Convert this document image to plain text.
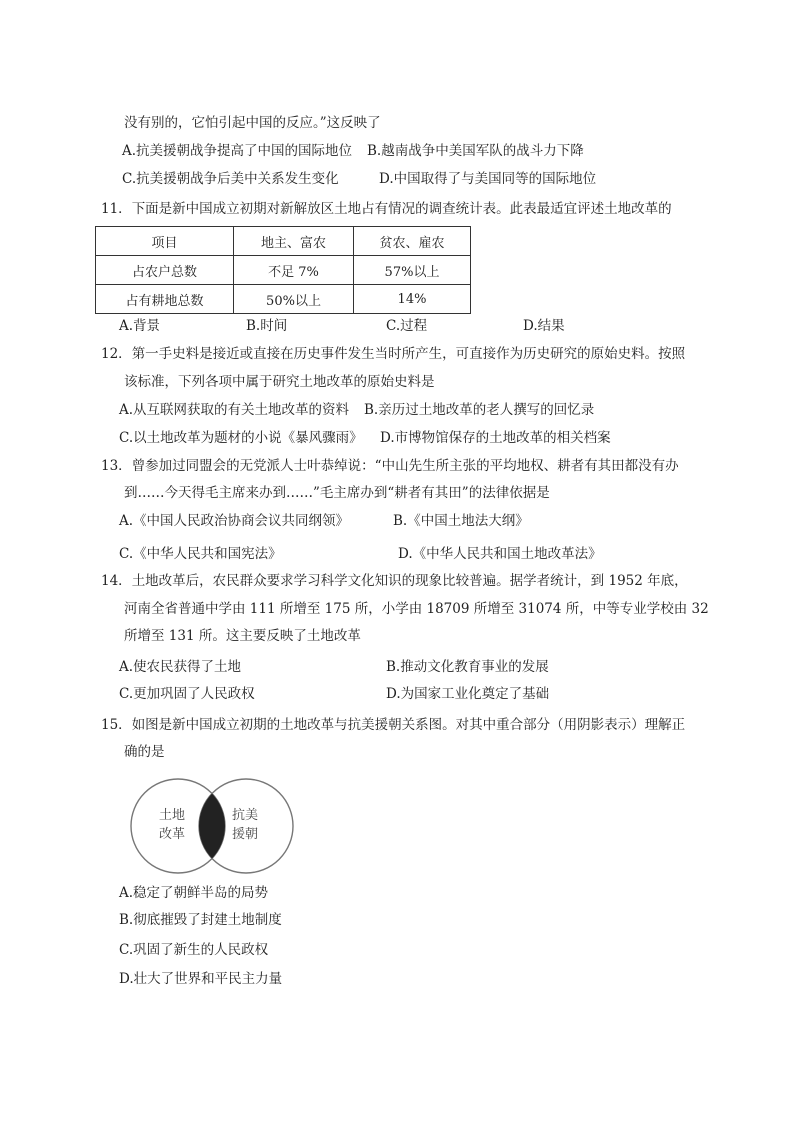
没有别的，它怕引起中国的反应。”这反映了
A.抗美援朝战争提高了中国的国际地位 B.越南战争中美国军队的战斗力下降
C.抗美援朝战争后美中关系发生变化	D.中国取得了与美国同等的国际地位
11．下面是新中国成立初期对新解放区土地占有情况的调查统计表。此表最适宜评述土地改革的
项目	地主、富农	贫农、雇农
占农户总数	不足 7%	57%以上
占有耕地总数	50%以上	14%
A.背景	B.时间	C.过程	D.结果
12．第一手史料是接近或直接在历史事件发生当时所产生，可直接作为历史研究的原始史料。按照
该标准，下列各项中属于研究土地改革的原始史料是
A.从互联网获取的有关土地改革的资料 B.亲历过土地改革的老人撰写的回忆录
C.以土地改革为题材的小说《暴风骤雨》 D.市博物馆保存的土地改革的相关档案
13．曾参加过同盟会的无党派人士叶恭绰说：“中山先生所主张的平均地权、耕者有其田都没有办
到……今天得毛主席来办到……”毛主席办到“耕者有其田”的法律依据是
A.《中国人民政治协商会议共同纲领》	B.《中国土地法大纲》
C.《中华人民共和国宪法》	D.《中华人民共和国土地改革法》
14．土地改革后，农民群众要求学习科学文化知识的现象比较普遍。据学者统计，到 1952 年底，
河南全省普通中学由 111 所增至 175 所，小学由 18709 所增至 31074 所，中等专业学校由 32
所增至 131 所。这主要反映了土地改革
A.使农民获得了土地	B.推动文化教育事业的发展
C.更加巩固了人民政权	D.为国家工业化奠定了基础
15．如图是新中国成立初期的土地改革与抗美援朝关系图。对其中重合部分（用阴影表示）理解正
确的是
土地
改革
抗美
援朝
A.稳定了朝鲜半岛的局势
B.彻底摧毁了封建土地制度
C.巩固了新生的人民政权
D.壮大了世界和平民主力量
